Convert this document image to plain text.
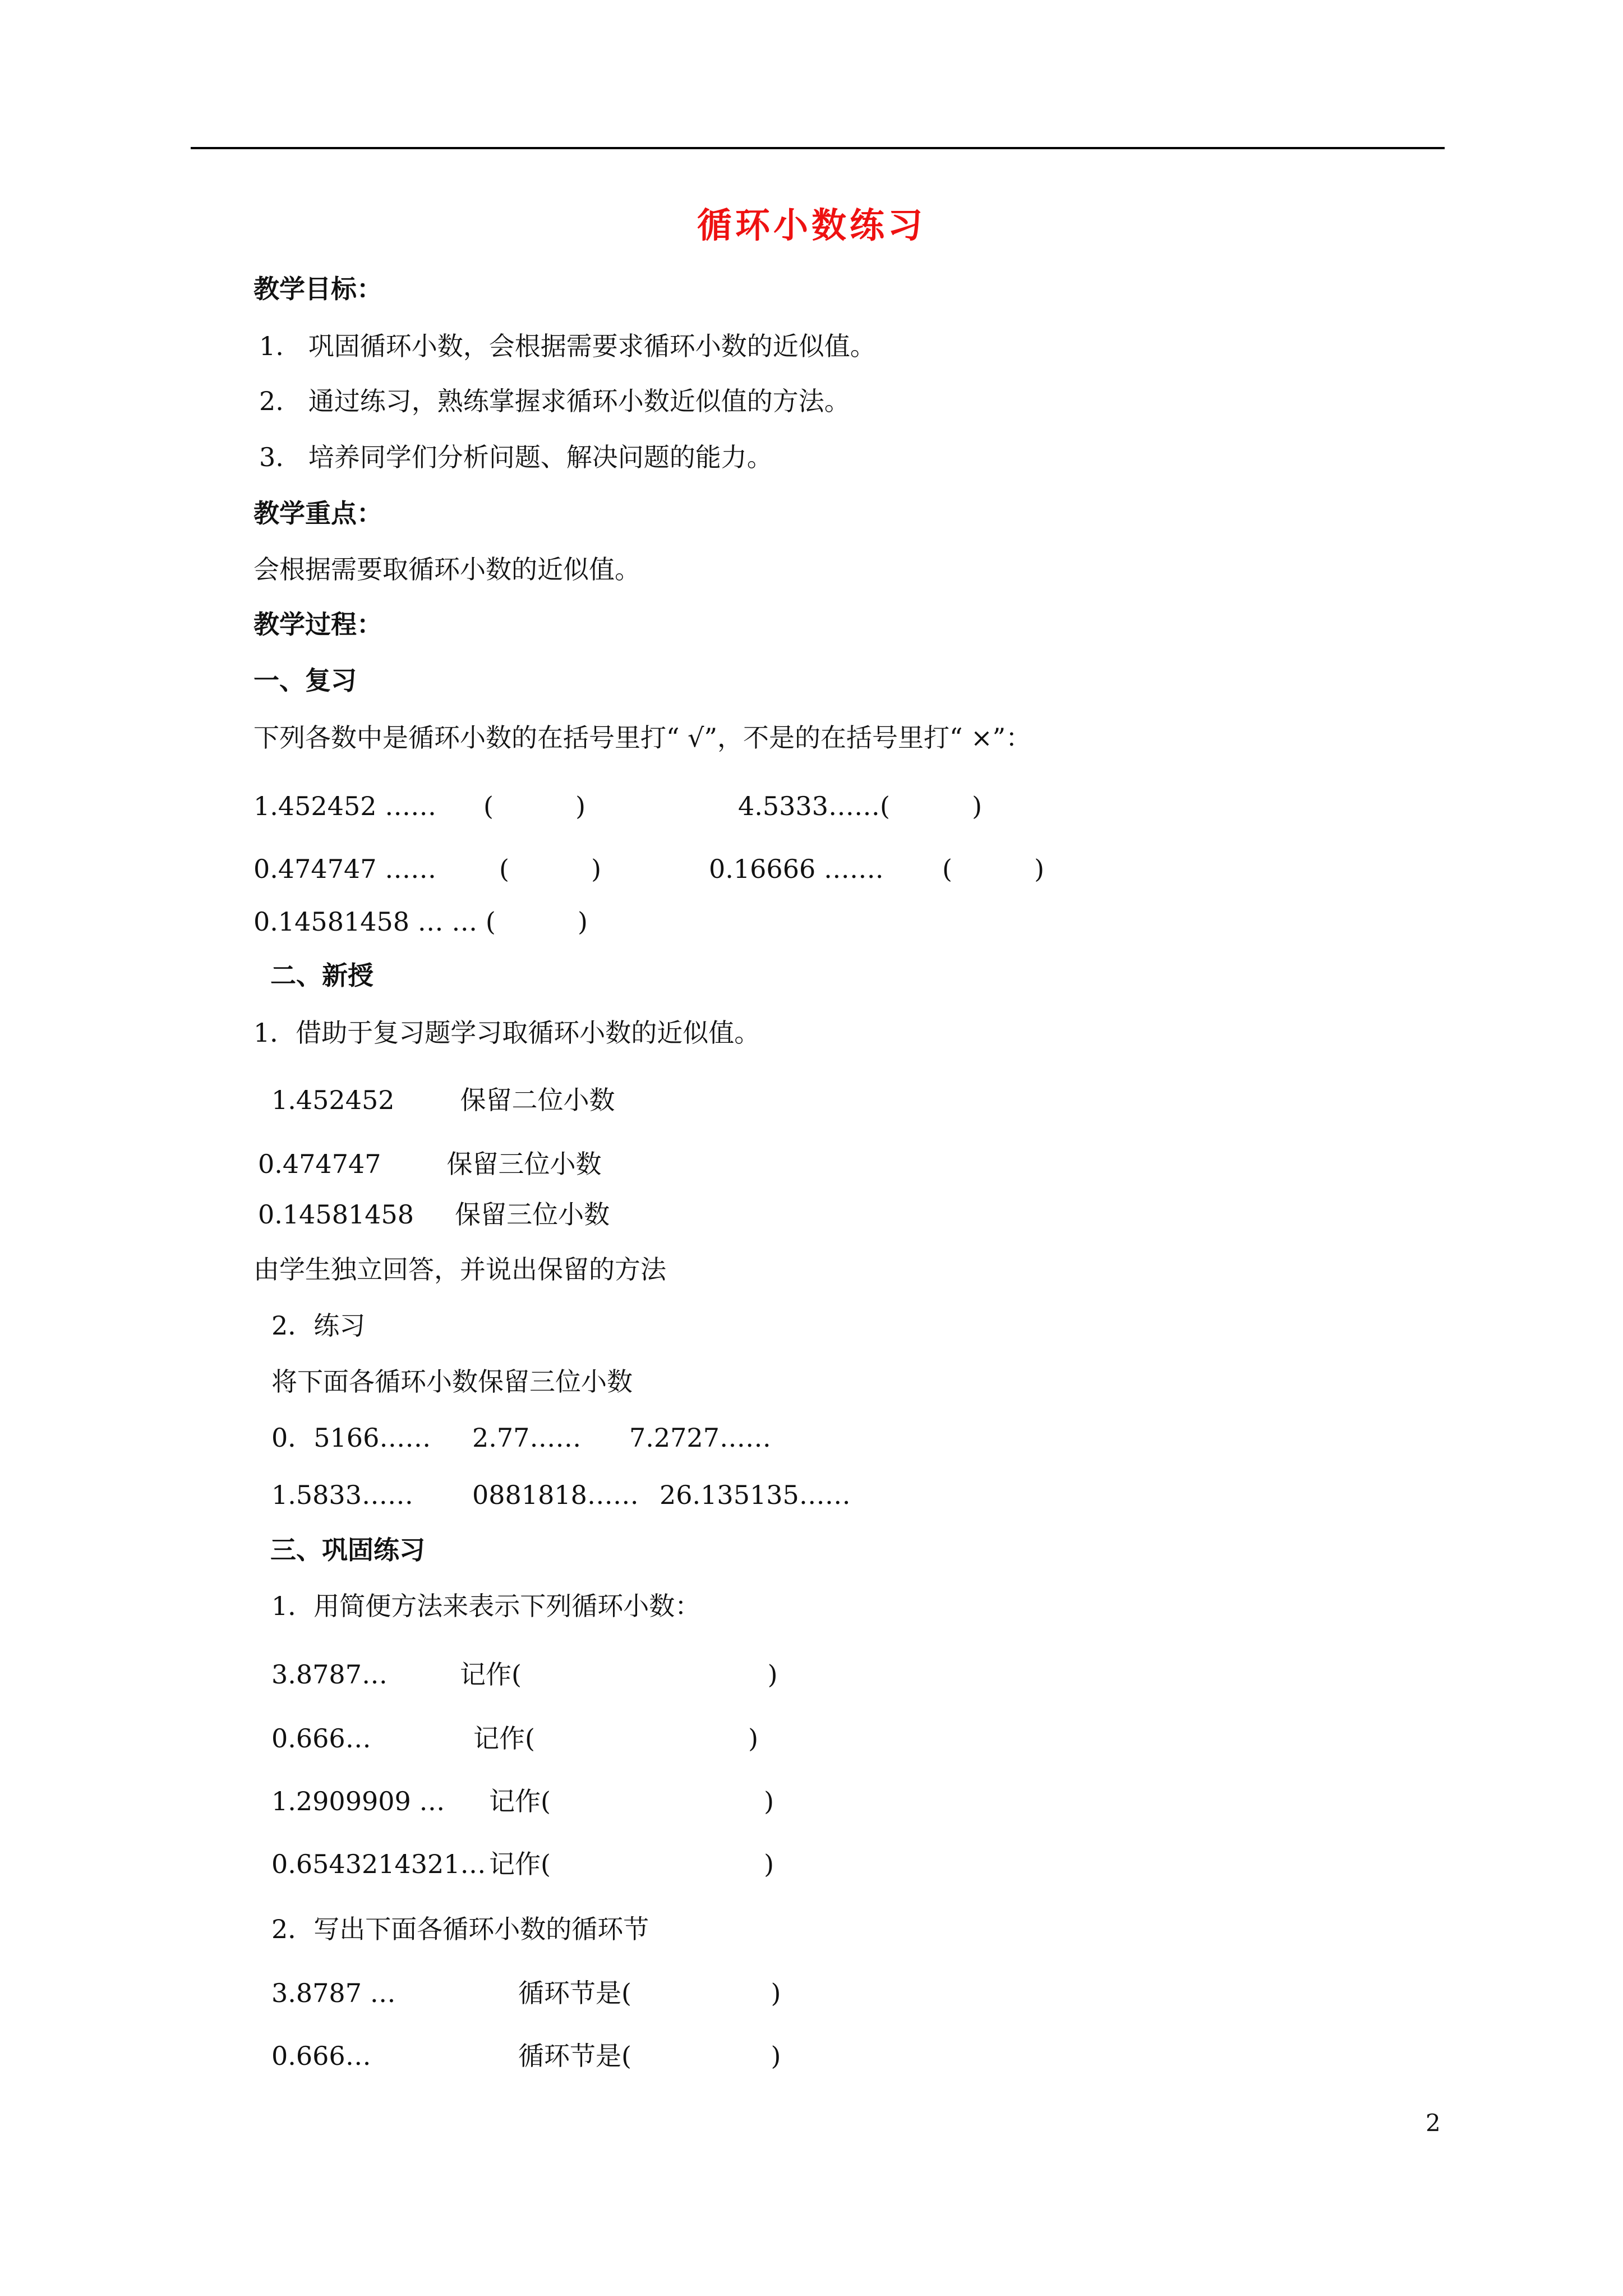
循环小数练习
教学目标：
1.   巩固循环小数，会根据需要求循环小数的近似值。
2.   通过练习，熟练掌握求循环小数近似值的方法。
3.   培养同学们分析问题、解决问题的能力。
教学重点：
会根据需要取循环小数的近似值。
教学过程：
一、复习
下列各数中是循环小数的在括号里打“ √”，不是的在括号里打“ ×”：
1.452452 …… (          )	4.5333……(          )
0.474747 …… (          )	0.16666 ……. (          )
0.14581458 … … (          )
二、新授
1．借助于复习题学习取循环小数的近似值。
1.452452        保留二位小数
0.474747        保留三位小数
0.14581458     保留三位小数
由学生独立回答，并说出保留的方法
2．练习
将下面各循环小数保留三位小数
0．5166…… 2.77…… 7.2727……
1.5833…… 0881818…… 26.135135……
三、巩固练习
1．用简便方法来表示下列循环小数：
3.8787…	记作(                              )
0.666…	记作(                          )
1.2909909 … 记作(                          )
0.6543214321… 记作(                          )
2．写出下面各循环小数的循环节
3.8787 …	循环节是(                 )
0.666…	循环节是(                 )
2
